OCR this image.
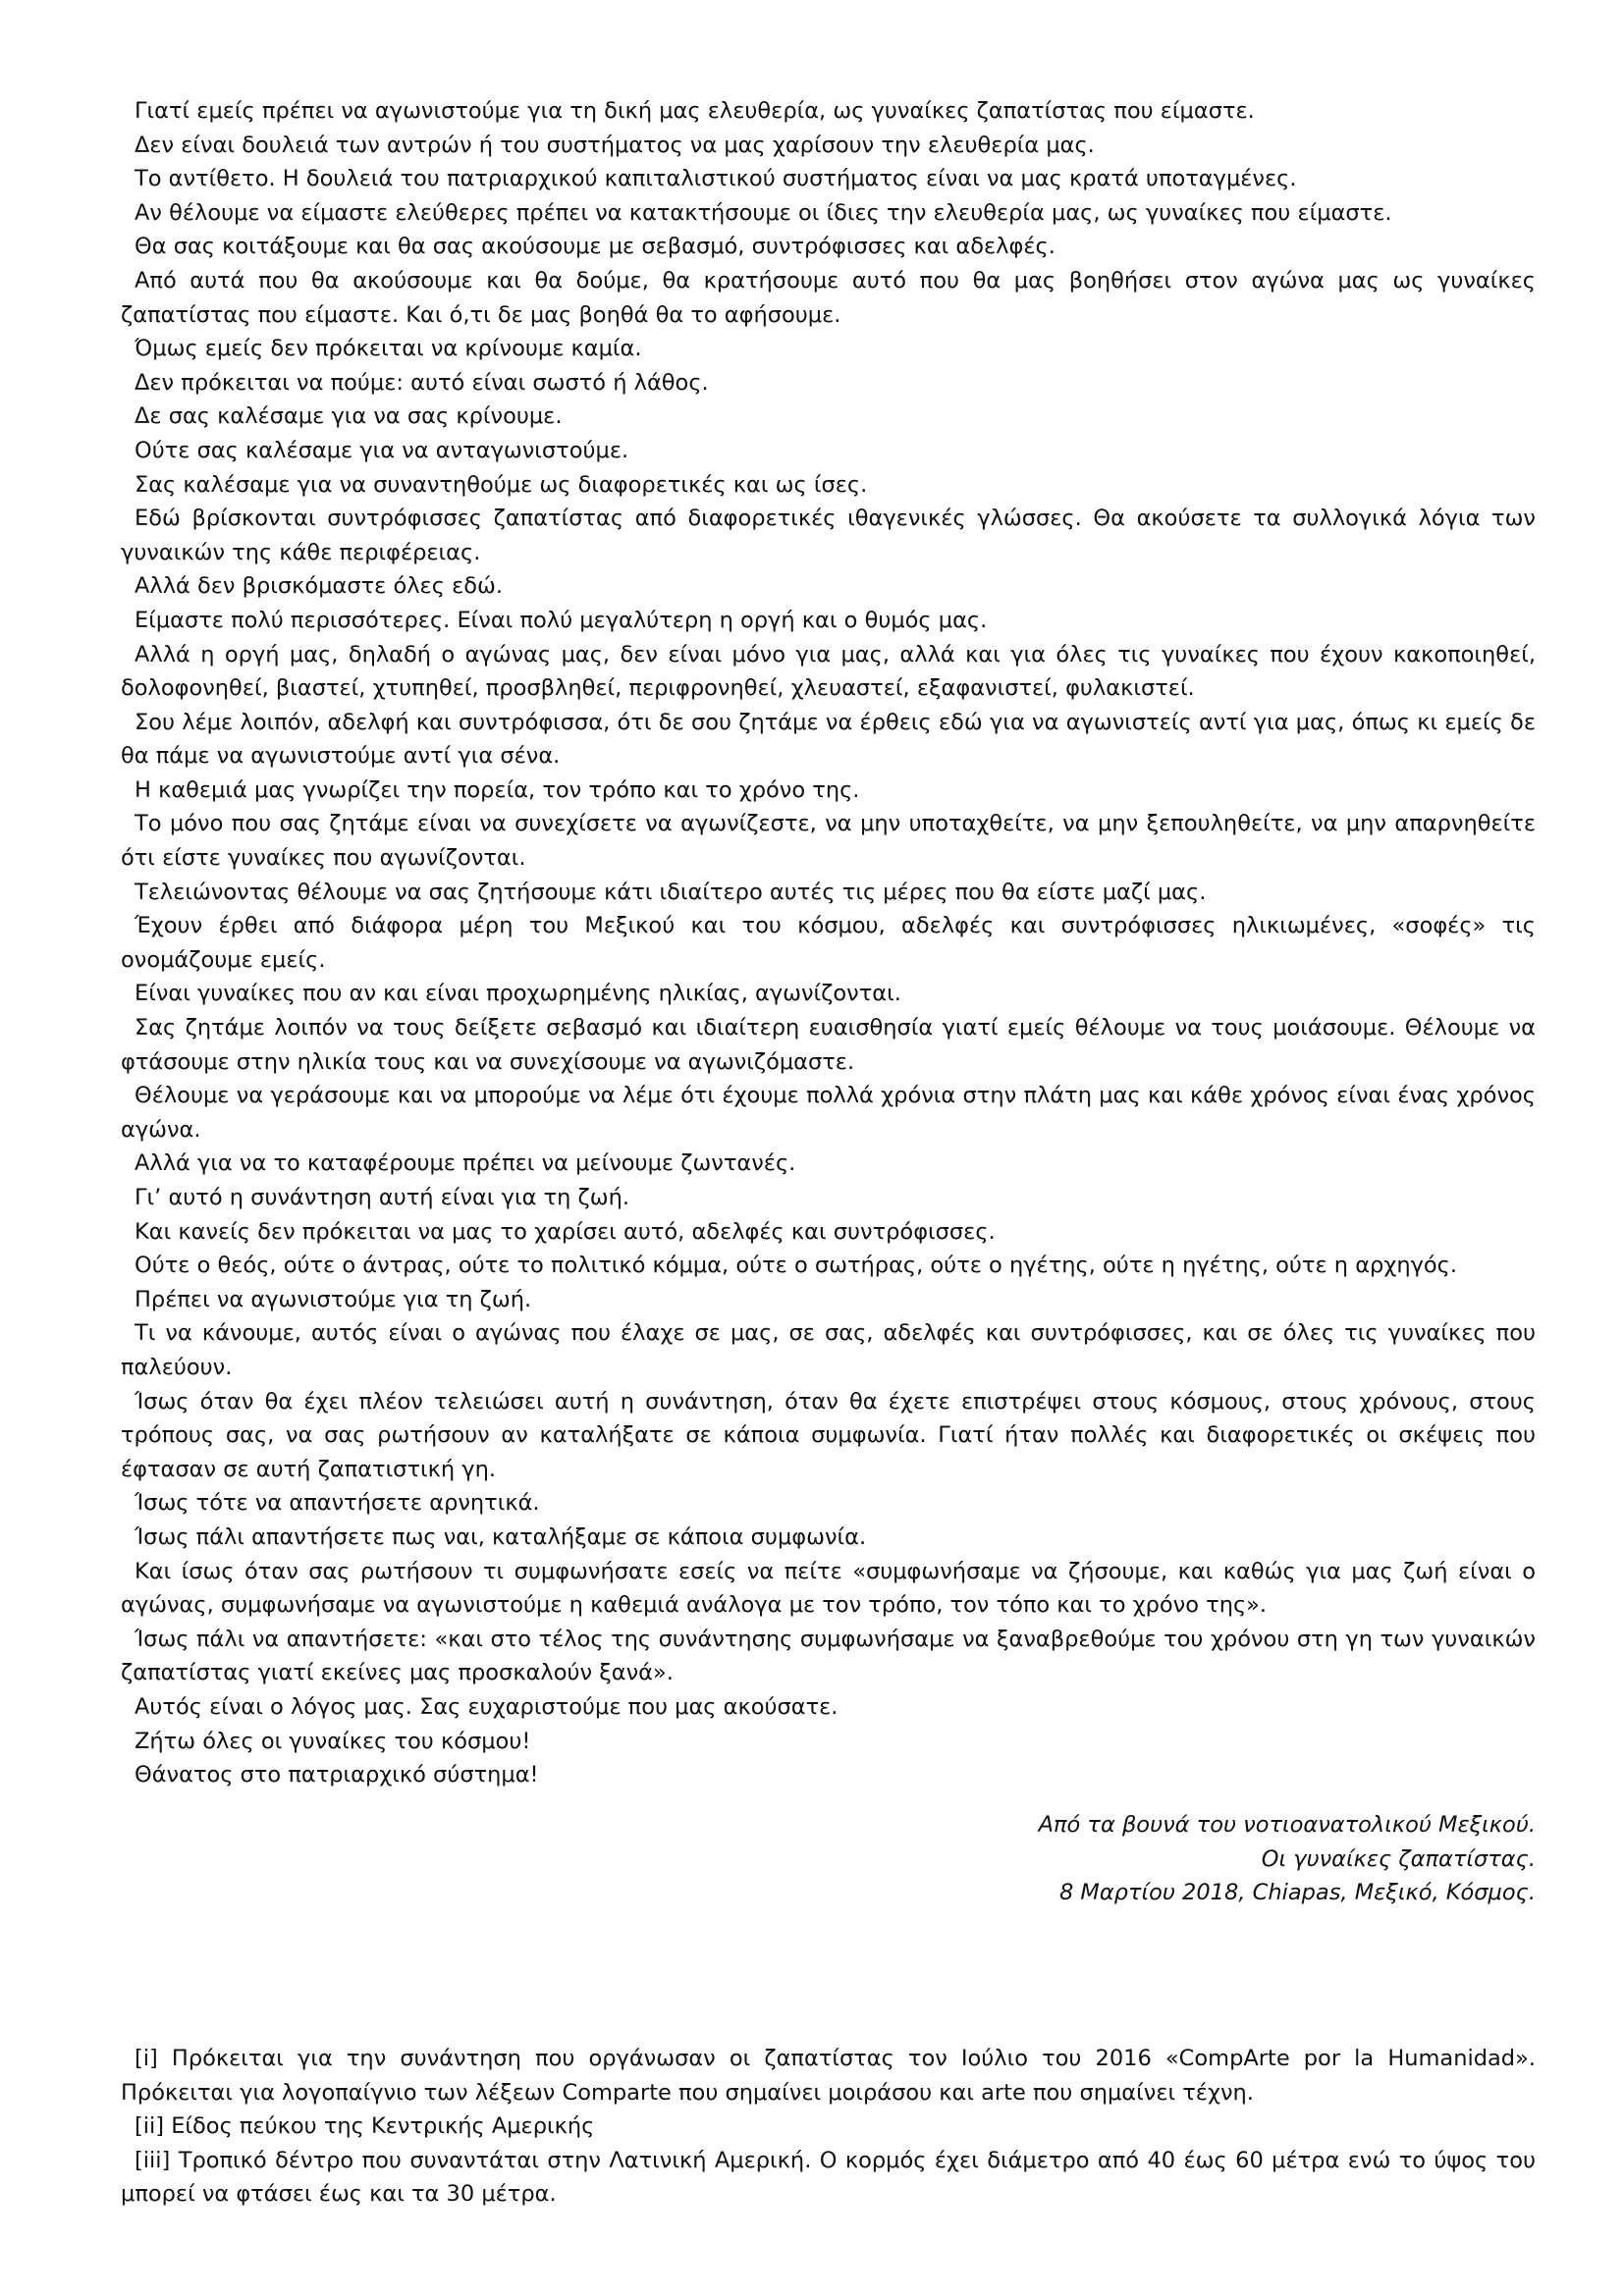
Γιατί εμείς πρέπει να αγωνιστούμε για τη δική μας ελευθερία, ως γυναίκες ζαπατίστας που είμαστε.

Δεν είναι δουλειά των αντρών ή του συστήματος να μας χαρίσουν την ελευθερία μας.

Το αντίθετο. Η δουλειά του πατριαρχικού καπιταλιστικού συστήματος είναι να μας κρατά υποταγμένες.

Αν θέλουμε να είμαστε ελεύθερες πρέπει να κατακτήσουμε οι ίδιες την ελευθερία μας, ως γυναίκες που είμαστε.

Θα σας κοιτάξουμε και θα σας ακούσουμε με σεβασμό, συντρόφισσες και αδελφές.

Από αυτά που θα ακούσουμε και θα δούμε, θα κρατήσουμε αυτό που θα μας βοηθήσει στον αγώνα μας ως γυναίκες ζαπατίστας που είμαστε. Και ό,τι δε μας βοηθά θα το αφήσουμε.

Όμως εμείς δεν πρόκειται να κρίνουμε καμία.

Δεν πρόκειται να πούμε: αυτό είναι σωστό ή λάθος.

Δε σας καλέσαμε για να σας κρίνουμε.

Ούτε σας καλέσαμε για να ανταγωνιστούμε.

Σας καλέσαμε για να συναντηθούμε ως διαφορετικές και ως ίσες.

Εδώ βρίσκονται συντρόφισσες ζαπατίστας από διαφορετικές ιθαγενικές γλώσσες. Θα ακούσετε τα συλλογικά λόγια των γυναικών της κάθε περιφέρειας.

Αλλά δεν βρισκόμαστε όλες εδώ.

Είμαστε πολύ περισσότερες. Είναι πολύ μεγαλύτερη η οργή και ο θυμός μας.

Αλλά η οργή μας, δηλαδή ο αγώνας μας, δεν είναι μόνο για μας, αλλά και για όλες τις γυναίκες που έχουν κακοποιηθεί, δολοφονηθεί, βιαστεί, χτυπηθεί, προσβληθεί, περιφρονηθεί, χλευαστεί, εξαφανιστεί, φυλακιστεί.

Σου λέμε λοιπόν, αδελφή και συντρόφισσα, ότι δε σου ζητάμε να έρθεις εδώ για να αγωνιστείς αντί για μας, όπως κι εμείς δε θα πάμε να αγωνιστούμε αντί για σένα.

Η καθεμιά μας γνωρίζει την πορεία, τον τρόπο και το χρόνο της.

Το μόνο που σας ζητάμε είναι να συνεχίσετε να αγωνίζεστε, να μην υποταχθείτε, να μην ξεπουληθείτε, να μην απαρνηθείτε ότι είστε γυναίκες που αγωνίζονται.

Τελειώνοντας θέλουμε να σας ζητήσουμε κάτι ιδιαίτερο αυτές τις μέρες που θα είστε μαζί μας.

Έχουν έρθει από διάφορα μέρη του Μεξικού και του κόσμου, αδελφές και συντρόφισσες ηλικιωμένες, «σοφές» τις ονομάζουμε εμείς.

Είναι γυναίκες που αν και είναι προχωρημένης ηλικίας, αγωνίζονται.

Σας ζητάμε λοιπόν να τους δείξετε σεβασμό και ιδιαίτερη ευαισθησία γιατί εμείς θέλουμε να τους μοιάσουμε. Θέλουμε να φτάσουμε στην ηλικία τους και να συνεχίσουμε να αγωνιζόμαστε.

Θέλουμε να γεράσουμε και να μπορούμε να λέμε ότι έχουμε πολλά χρόνια στην πλάτη μας και κάθε χρόνος είναι ένας χρόνος αγώνα.

Αλλά για να το καταφέρουμε πρέπει να μείνουμε ζωντανές.

Γι’ αυτό η συνάντηση αυτή είναι για τη ζωή.

Και κανείς δεν πρόκειται να μας το χαρίσει αυτό, αδελφές και συντρόφισσες.

Ούτε ο θεός, ούτε ο άντρας, ούτε το πολιτικό κόμμα, ούτε ο σωτήρας, ούτε ο ηγέτης, ούτε η ηγέτης, ούτε η αρχηγός.

Πρέπει να αγωνιστούμε για τη ζωή.

Τι να κάνουμε, αυτός είναι ο αγώνας που έλαχε σε μας, σε σας, αδελφές και συντρόφισσες, και σε όλες τις γυναίκες που παλεύουν.

Ίσως όταν θα έχει πλέον τελειώσει αυτή η συνάντηση, όταν θα έχετε επιστρέψει στους κόσμους, στους χρόνους, στους τρόπους σας, να σας ρωτήσουν αν καταλήξατε σε κάποια συμφωνία. Γιατί ήταν πολλές και διαφορετικές οι σκέψεις που έφτασαν σε αυτή ζαπατιστική γη.

Ίσως τότε να απαντήσετε αρνητικά.

Ίσως πάλι απαντήσετε πως ναι, καταλήξαμε σε κάποια συμφωνία.

Και ίσως όταν σας ρωτήσουν τι συμφωνήσατε εσείς να πείτε «συμφωνήσαμε να ζήσουμε, και καθώς για μας ζωή είναι ο αγώνας, συμφωνήσαμε να αγωνιστούμε η καθεμιά ανάλογα με τον τρόπο, τον τόπο και το χρόνο της».

Ίσως πάλι να απαντήσετε: «και στο τέλος της συνάντησης συμφωνήσαμε να ξαναβρεθούμε του χρόνου στη γη των γυναικών ζαπατίστας γιατί εκείνες μας προσκαλούν ξανά».

Αυτός είναι ο λόγος μας. Σας ευχαριστούμε που μας ακούσατε.

Ζήτω όλες οι γυναίκες του κόσμου!

Θάνατος στο πατριαρχικό σύστημα!

Από τα βουνά του νοτιοανατολικού Μεξικού.
Οι γυναίκες ζαπατίστας.
8 Μαρτίου 2018, Chiapas, Μεξικό, Κόσμος.

[i] Πρόκειται για την συνάντηση που οργάνωσαν οι ζαπατίστας τον Ιούλιο του 2016 «CompArte por la Humanidad». Πρόκειται για λογοπαίγνιο των λέξεων Comparte που σημαίνει μοιράσου και arte που σημαίνει τέχνη.

[ii] Είδος πεύκου της Κεντρικής Αμερικής

[iii] Τροπικό δέντρο που συναντάται στην Λατινική Αμερική. Ο κορμός έχει διάμετρο από 40 έως 60 μέτρα ενώ το ύψος του μπορεί να φτάσει έως και τα 30 μέτρα.
